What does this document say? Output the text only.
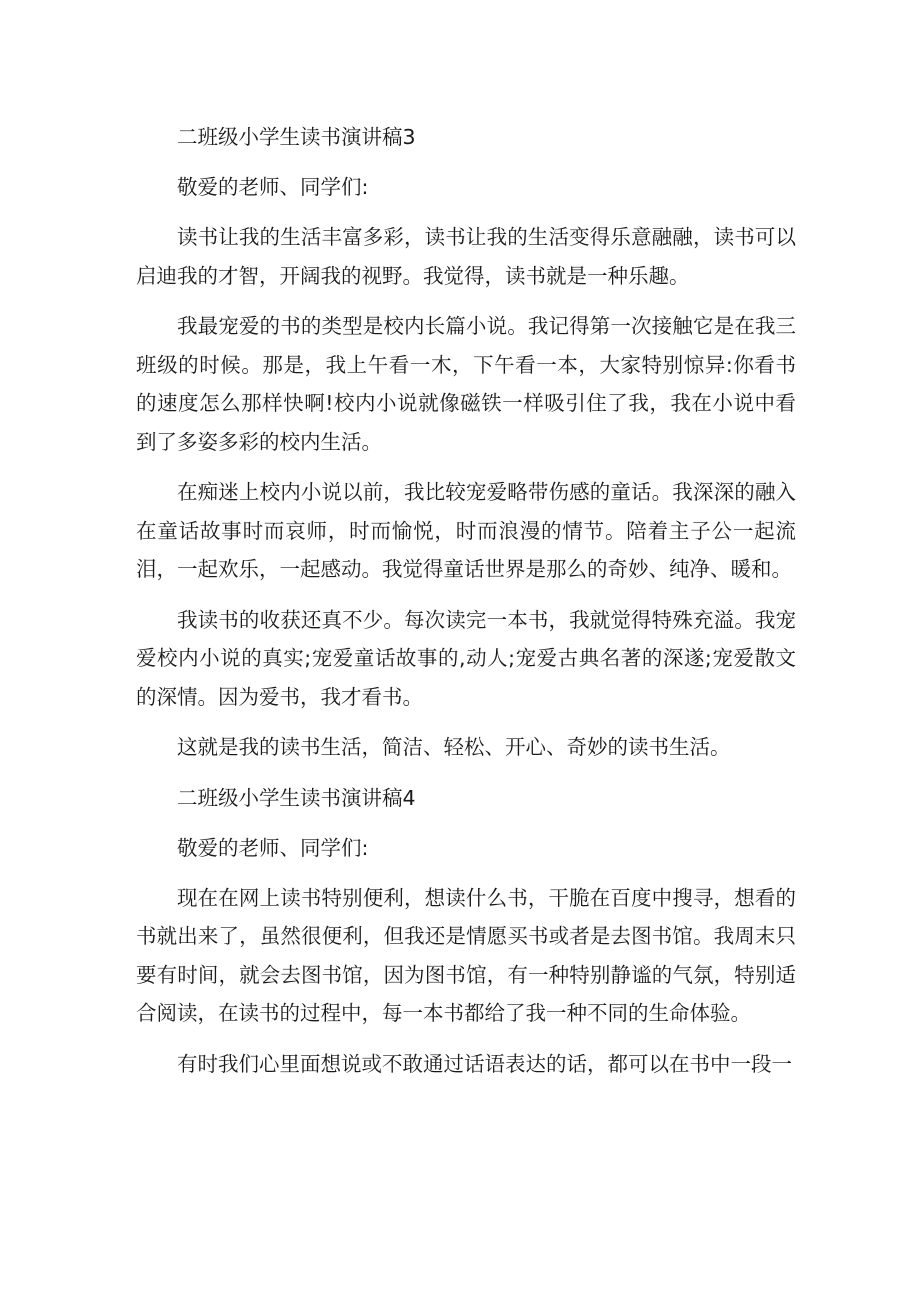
二班级小学生读书演讲稿3
敬爱的老师、同学们:
读书让我的生活丰富多彩，读书让我的生活变得乐意融融，读书可以启迪我的才智，开阔我的视野。我觉得，读书就是一种乐趣。
我最宠爱的书的类型是校内长篇小说。我记得第一次接触它是在我三班级的时候。那是，我上午看一木，下午看一本，大家特别惊异:你看书的速度怎么那样快啊!校内小说就像磁铁一样吸引住了我，我在小说中看到了多姿多彩的校内生活。
在痴迷上校内小说以前，我比较宠爱略带伤感的童话。我深深的融入在童话故事时而哀师，时而愉悦，时而浪漫的情节。陪着主子公一起流泪，一起欢乐，一起感动。我觉得童话世界是那么的奇妙、纯净、暖和。
我读书的收获还真不少。每次读完一本书，我就觉得特殊充溢。我宠爱校内小说的真实;宠爱童话故事的,动人;宠爱古典名著的深遂;宠爱散文的深情。因为爱书，我才看书。
这就是我的读书生活，简洁、轻松、开心、奇妙的读书生活。
二班级小学生读书演讲稿4
敬爱的老师、同学们:
现在在网上读书特别便利，想读什么书，干脆在百度中搜寻，想看的书就出来了，虽然很便利，但我还是情愿买书或者是去图书馆。我周末只要有时间，就会去图书馆，因为图书馆，有一种特别静谧的气氛，特别适合阅读，在读书的过程中，每一本书都给了我一种不同的生命体验。
有时我们心里面想说或不敢通过话语表达的话，都可以在书中一段一
